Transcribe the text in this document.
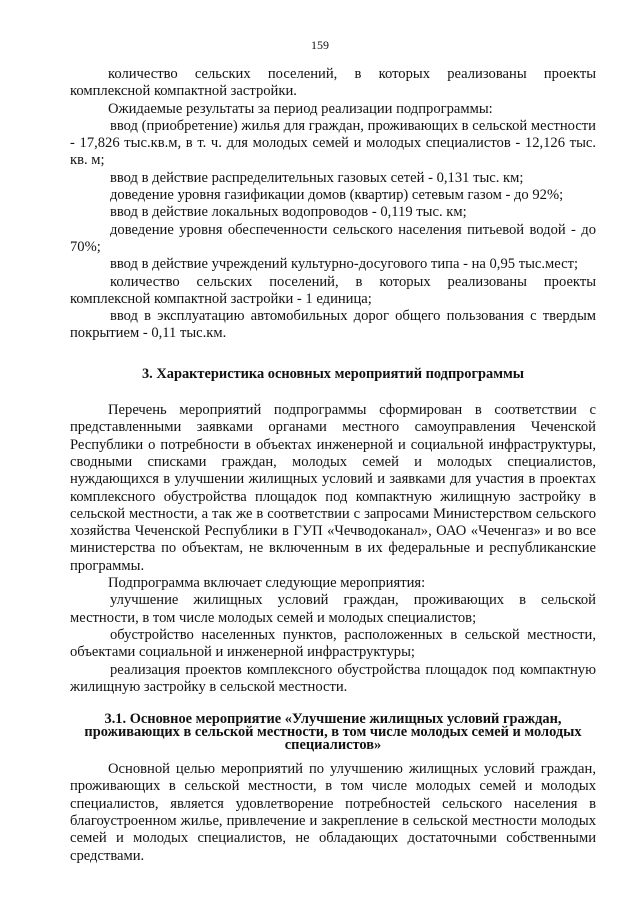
159

количество сельских поселений, в которых реализованы проекты комплексной компактной застройки.

Ожидаемые результаты за период реализации подпрограммы:

ввод (приобретение) жилья для граждан, проживающих в сельской местности - 17,826 тыс.кв.м, в т. ч. для молодых семей и молодых специалистов - 12,126 тыс. кв. м;

ввод в действие распределительных газовых сетей - 0,131 тыс. км;

доведение уровня газификации домов (квартир) сетевым газом - до 92%;

ввод в действие локальных водопроводов - 0,119 тыс. км;

доведение уровня обеспеченности сельского населения питьевой водой - до 70%;

ввод в действие учреждений культурно-досугового типа - на 0,95 тыс.мест;

количество сельских поселений, в которых реализованы проекты комплексной компактной застройки - 1 единица;

ввод в эксплуатацию автомобильных дорог общего пользования с твердым покрытием - 0,11 тыс.км.

3. Характеристика основных мероприятий подпрограммы

Перечень мероприятий подпрограммы сформирован в соответствии с представленными заявками органами местного самоуправления Чеченской Республики о потребности в объектах инженерной и социальной инфраструктуры, сводными списками граждан, молодых семей и молодых специалистов, нуждающихся в улучшении жилищных условий и заявками для участия в проектах комплексного обустройства площадок под компактную жилищную застройку в сельской местности, а так же в соответствии с запросами Министерством сельского хозяйства Чеченской Республики в ГУП «Чечводоканал», ОАО «Чеченгаз» и во все министерства по объектам, не включенным в их федеральные и республиканские программы.

Подпрограмма включает следующие мероприятия:

улучшение жилищных условий граждан, проживающих в сельской местности, в том числе молодых семей и молодых специалистов;

обустройство населенных пунктов, расположенных в сельской местности, объектами социальной и инженерной инфраструктуры;

реализация проектов комплексного обустройства площадок под компактную жилищную застройку в сельской местности.

3.1. Основное мероприятие «Улучшение жилищных условий граждан, проживающих в сельской местности, в том числе молодых семей и молодых специалистов»

Основной целью мероприятий по улучшению жилищных условий граждан, проживающих в сельской местности, в том числе молодых семей и молодых специалистов, является удовлетворение потребностей сельского населения в благоустроенном жилье, привлечение и закрепление в сельской местности молодых семей и молодых специалистов, не обладающих достаточными собственными средствами.
